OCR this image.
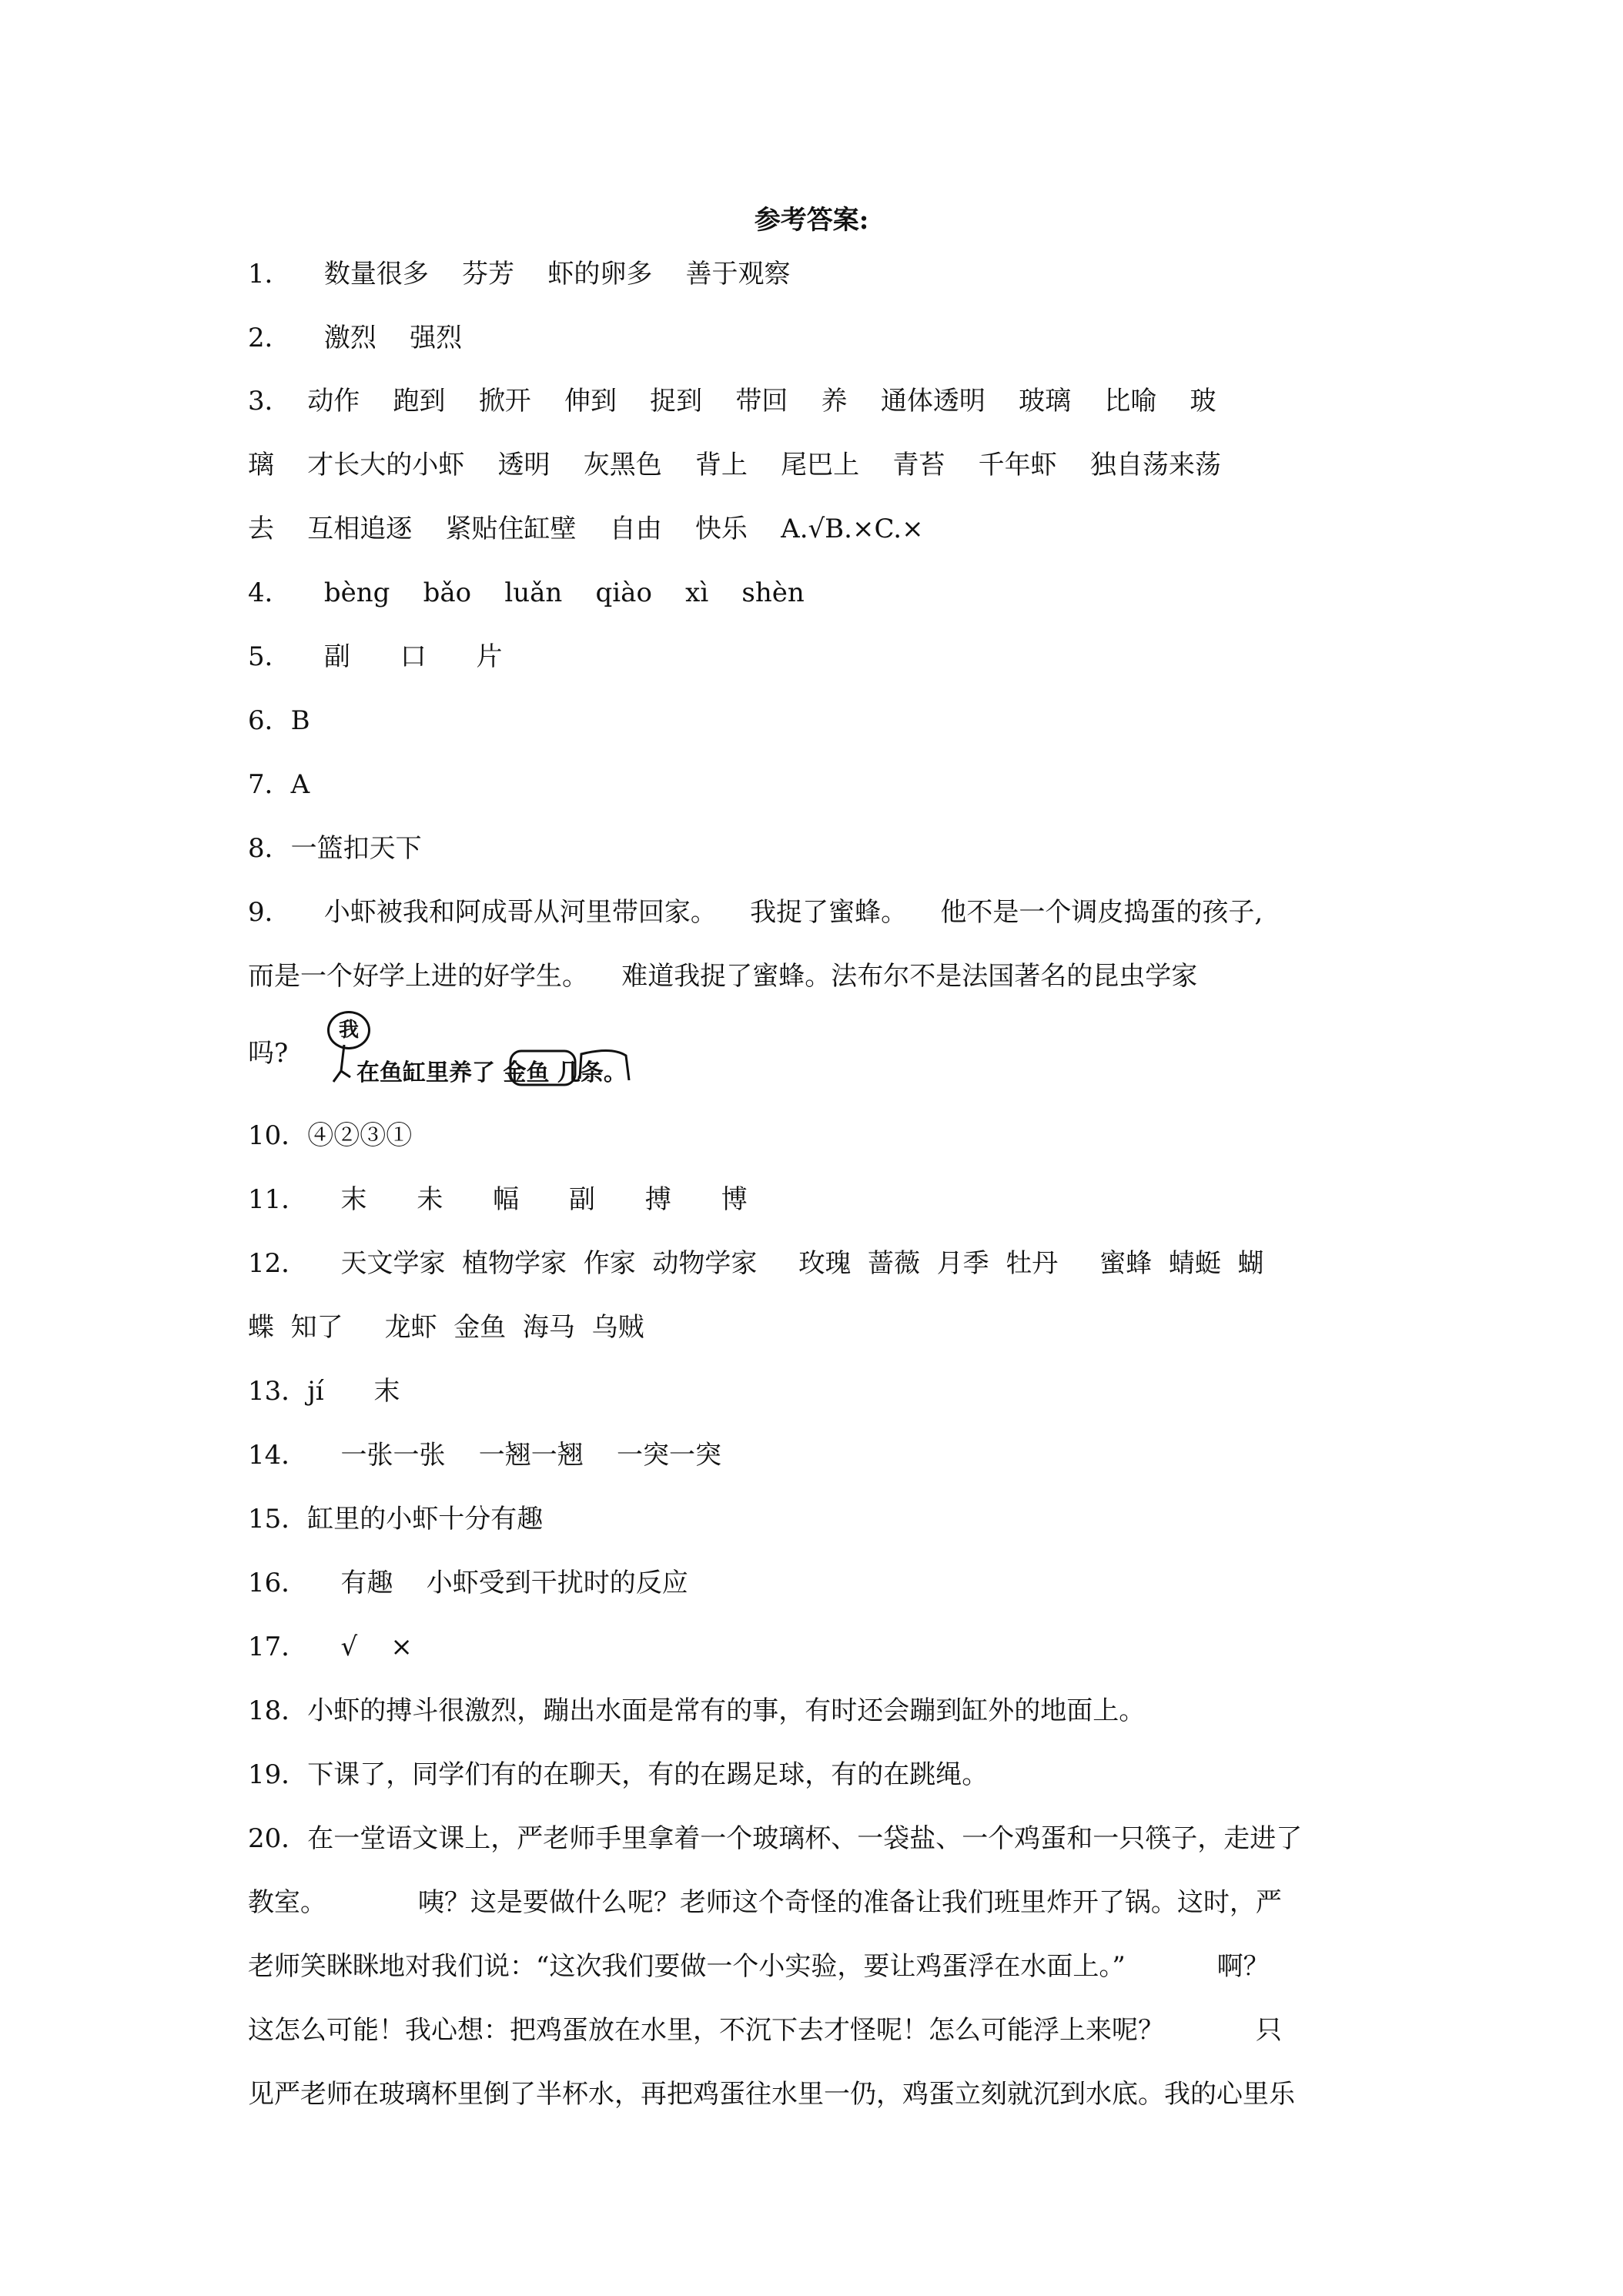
参考答案:
1．    数量很多    芬芳    虾的卵多    善于观察
2．    激烈    强烈
3．  动作    跑到    掀开    伸到    捉到    带回    养    通体透明    玻璃    比喻    玻
璃    才长大的小虾    透明    灰黑色    背上    尾巴上    青苔    千年虾    独自荡来荡
去    互相追逐    紧贴住缸壁    自由    快乐    A.√B.×C.×
4．    bèng    bǎo    luǎn    qiào    xì    shèn
5．    副      口      片
6．B
7．A
8．一篮扣天下
9．    小虾被我和阿成哥从河里带回家。    我捉了蜜蜂。    他不是一个调皮捣蛋的孩子,
而是一个好学上进的好学生。    难道我捉了蜜蜂。法布尔不是法国著名的昆虫学家
吗?
我
在鱼缸里养了 金鱼 几条。
10．④②③①
11．    末      未      幅      副      搏      博
12．    天文学家  植物学家  作家  动物学家     玫瑰  蔷薇  月季  牡丹     蜜蜂  蜻蜓  蝴
蝶  知了     龙虾  金鱼  海马  乌贼
13．jí      末
14．    一张一张    一翘一翘    一突一突
15．缸里的小虾十分有趣
16．    有趣    小虾受到干扰时的反应
17．    √    ×
18．小虾的搏斗很激烈，蹦出水面是常有的事，有时还会蹦到缸外的地面上。
19．下课了，同学们有的在聊天，有的在踢足球，有的在跳绳。
20．在一堂语文课上，严老师手里拿着一个玻璃杯、一袋盐、一个鸡蛋和一只筷子，走进了
教室。           咦？这是要做什么呢？老师这个奇怪的准备让我们班里炸开了锅。这时，严
老师笑眯眯地对我们说：“这次我们要做一个小实验，要让鸡蛋浮在水面上。”           啊？
这怎么可能！我心想：把鸡蛋放在水里，不沉下去才怪呢！怎么可能浮上来呢？           只
见严老师在玻璃杯里倒了半杯水，再把鸡蛋往水里一仍，鸡蛋立刻就沉到水底。我的心里乐
